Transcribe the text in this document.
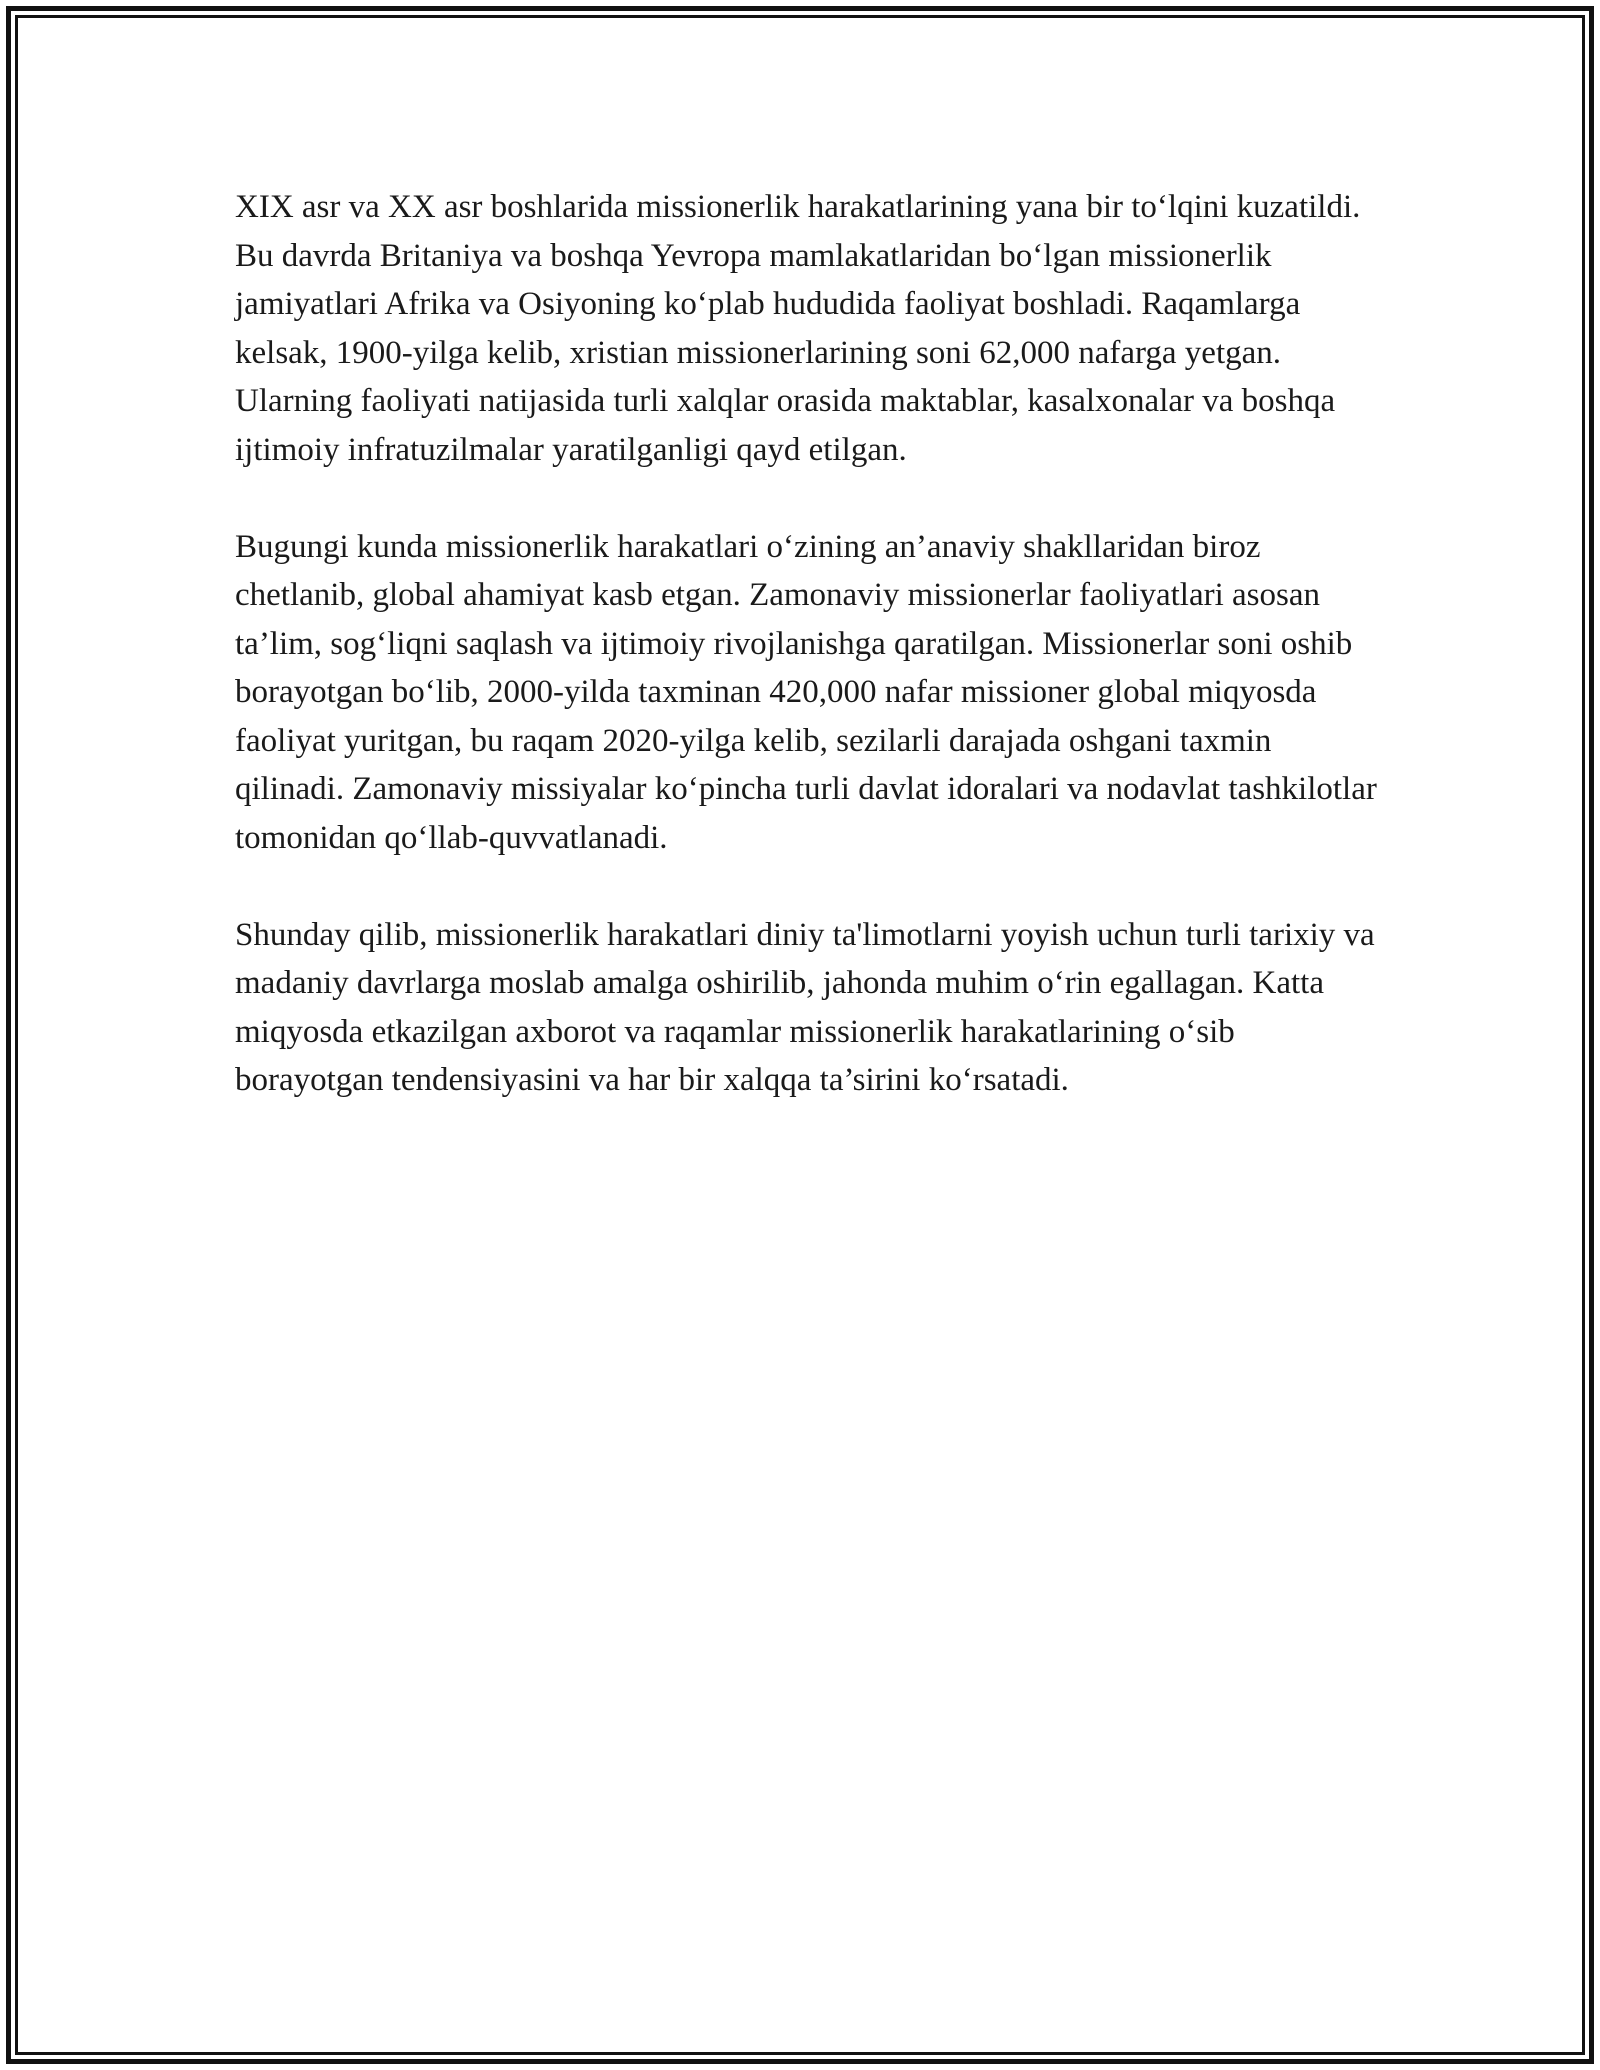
XIX asr va XX asr boshlarida missionerlik harakatlarining yana bir to‘lqini kuzatildi. Bu davrda Britaniya va boshqa Yevropa mamlakatlaridan bo‘lgan missionerlik jamiyatlari Afrika va Osiyoning ko‘plab hududida faoliyat boshladi. Raqamlarga kelsak, 1900-yilga kelib, xristian missionerlarining soni 62,000 nafarga yetgan. Ularning faoliyati natijasida turli xalqlar orasida maktablar, kasalxonalar va boshqa ijtimoiy infratuzilmalar yaratilganligi qayd etilgan.

Bugungi kunda missionerlik harakatlari o‘zining an’anaviy shakllaridan biroz chetlanib, global ahamiyat kasb etgan. Zamonaviy missionerlar faoliyatlari asosan ta’lim, sog‘liqni saqlash va ijtimoiy rivojlanishga qaratilgan. Missionerlar soni oshib borayotgan bo‘lib, 2000-yilda taxminan 420,000 nafar missioner global miqyosda faoliyat yuritgan, bu raqam 2020-yilga kelib, sezilarli darajada oshgani taxmin qilinadi. Zamonaviy missiyalar ko‘pincha turli davlat idoralari va nodavlat tashkilotlar tomonidan qo‘llab-quvvatlanadi.

Shunday qilib, missionerlik harakatlari diniy ta'limotlarni yoyish uchun turli tarixiy va madaniy davrlarga moslab amalga oshirilib, jahonda muhim o‘rin egallagan. Katta miqyosda etkazilgan axborot va raqamlar missionerlik harakatlarining o‘sib borayotgan tendensiyasini va har bir xalqqa ta’sirini ko‘rsatadi.
